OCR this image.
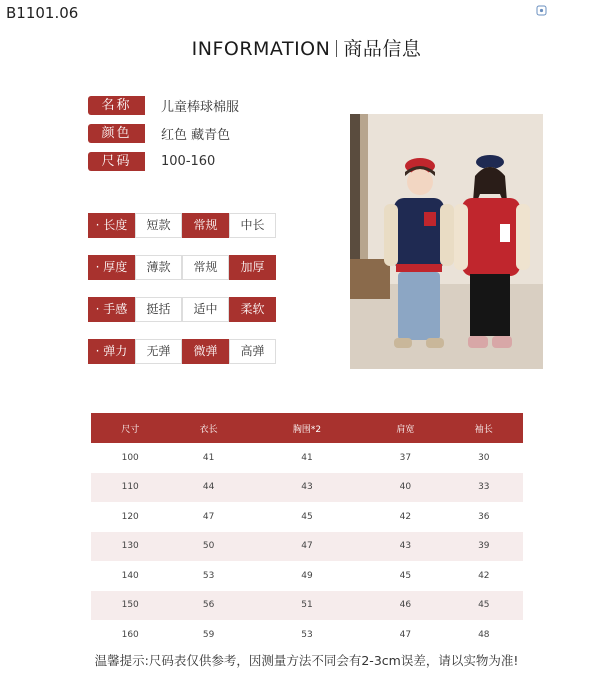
B1101.06
INFORMATION 商品信息
名称	儿童棒球棉服
颜色	红色 藏青色
尺码	100-160
· 长度	短款	常规	中长
· 厚度	薄款	常规	加厚
· 手感	挺括	适中	柔软
· 弹力	无弹	微弹	高弹
尺寸	衣长	胸围*2	肩宽	袖长
100	41	41	37	30
110	44	43	40	33
120	47	45	42	36
130	50	47	43	39
140	53	49	45	42
150	56	51	46	45
160	59	53	47	48
温馨提示:尺码表仅供参考，因测量方法不同会有2-3cm误差，请以实物为准!
